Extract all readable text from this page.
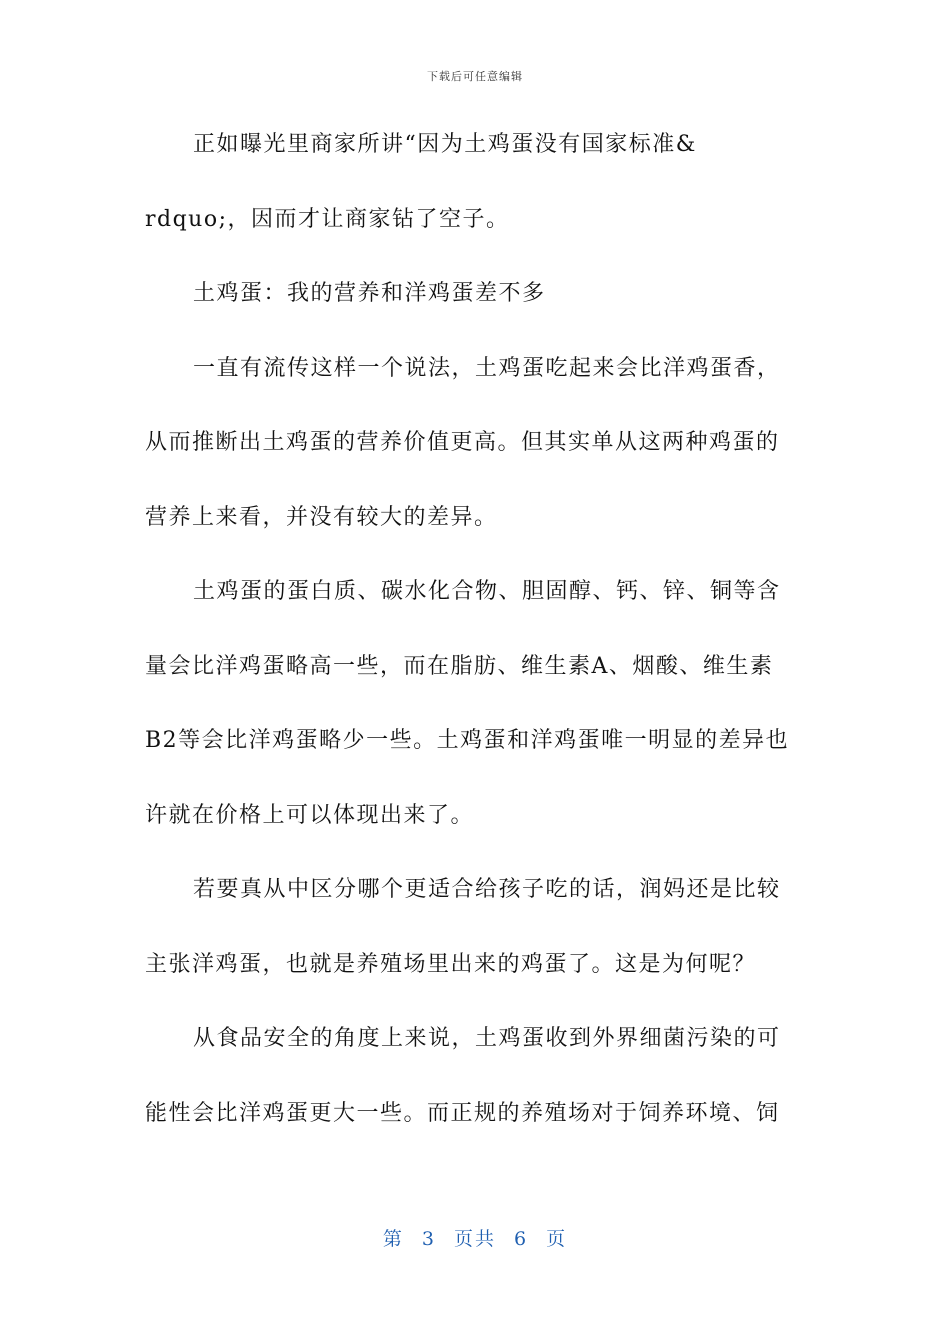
下载后可任意编辑
正如曝光里商家所讲“因为土鸡蛋没有国家标准&
rdquo;，因而才让商家钻了空子。
土鸡蛋：我的营养和洋鸡蛋差不多
一直有流传这样一个说法，土鸡蛋吃起来会比洋鸡蛋香，
从而推断出土鸡蛋的营养价值更高。但其实单从这两种鸡蛋的
营养上来看，并没有较大的差异。
土鸡蛋的蛋白质、碳水化合物、胆固醇、钙、锌、铜等含
量会比洋鸡蛋略高一些，而在脂肪、维生素A、烟酸、维生素
B2等会比洋鸡蛋略少一些。土鸡蛋和洋鸡蛋唯一明显的差异也
许就在价格上可以体现出来了。
若要真从中区分哪个更适合给孩子吃的话，润妈还是比较
主张洋鸡蛋，也就是养殖场里出来的鸡蛋了。这是为何呢？
从食品安全的角度上来说，土鸡蛋收到外界细菌污染的可
能性会比洋鸡蛋更大一些。而正规的养殖场对于饲养环境、饲
第 3 页共 6 页
